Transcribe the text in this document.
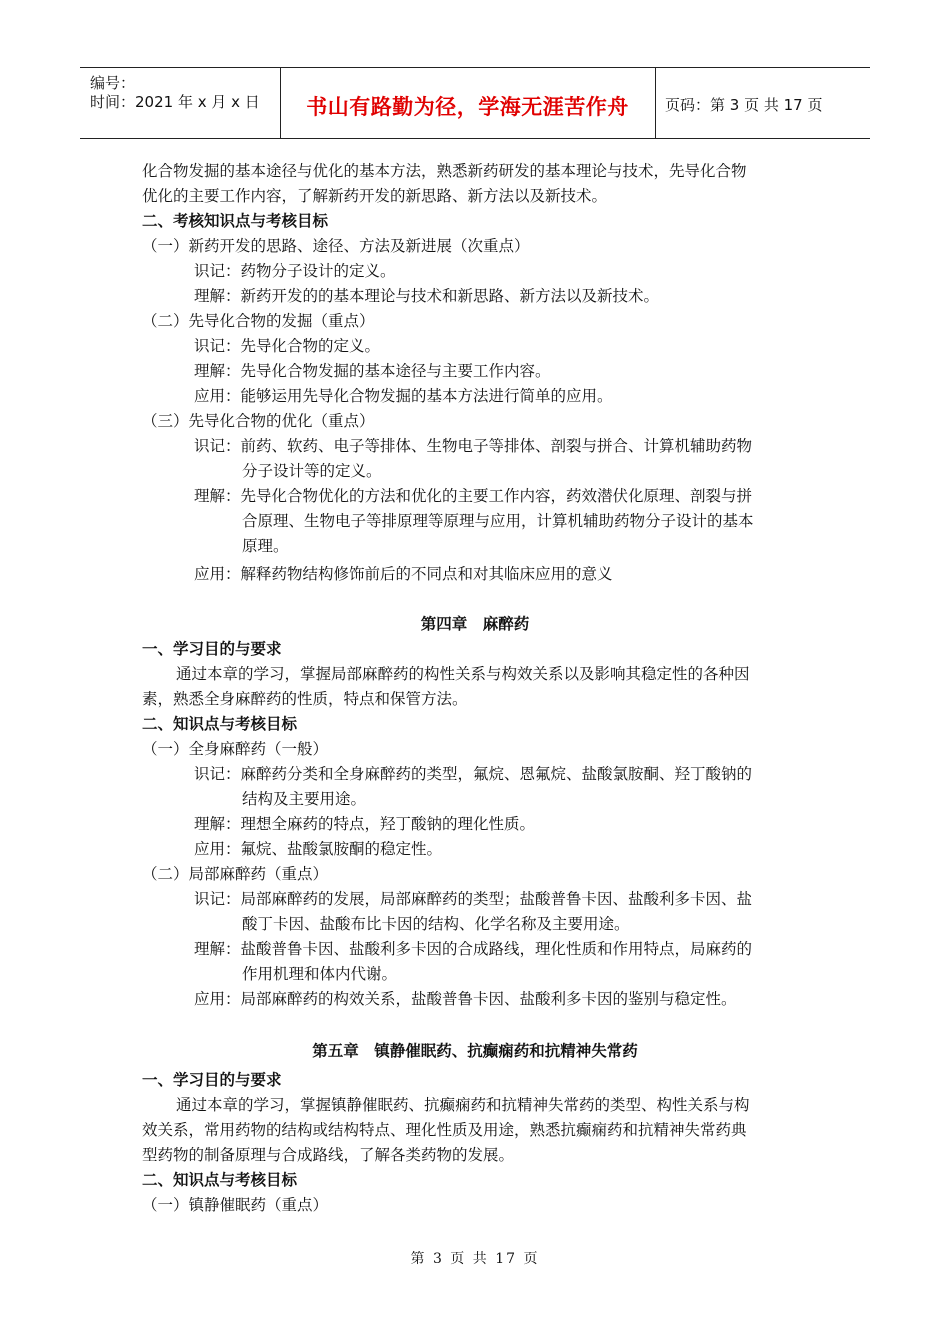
编号：
时间：2021 年 x 月 x 日	书山有路勤为径，学海无涯苦作舟	页码：第 3 页 共 17 页
化合物发掘的基本途径与优化的基本方法，熟悉新药研发的基本理论与技术，先导化合物
优化的主要工作内容，了解新药开发的新思路、新方法以及新技术。
二、考核知识点与考核目标
（一）新药开发的思路、途径、方法及新进展（次重点）
识记：药物分子设计的定义。
理解：新药开发的的基本理论与技术和新思路、新方法以及新技术。
（二）先导化合物的发掘（重点）
识记：先导化合物的定义。
理解：先导化合物发掘的基本途径与主要工作内容。
应用：能够运用先导化合物发掘的基本方法进行简单的应用。
（三）先导化合物的优化（重点）
识记：前药、软药、电子等排体、生物电子等排体、剖裂与拼合、计算机辅助药物
分子设计等的定义。
理解：先导化合物优化的方法和优化的主要工作内容，药效潜伏化原理、剖裂与拼
合原理、生物电子等排原理等原理与应用，计算机辅助药物分子设计的基本
原理。
应用：解释药物结构修饰前后的不同点和对其临床应用的意义
第四章　麻醉药
一、学习目的与要求
通过本章的学习，掌握局部麻醉药的构性关系与构效关系以及影响其稳定性的各种因
素，熟悉全身麻醉药的性质，特点和保管方法。
二、知识点与考核目标
（一）全身麻醉药（一般）
识记：麻醉药分类和全身麻醉药的类型，氟烷、恩氟烷、盐酸氯胺酮、羟丁酸钠的
结构及主要用途。
理解：理想全麻药的特点，羟丁酸钠的理化性质。
应用：氟烷、盐酸氯胺酮的稳定性。
（二）局部麻醉药（重点）
识记：局部麻醉药的发展，局部麻醉药的类型；盐酸普鲁卡因、盐酸利多卡因、盐
酸丁卡因、盐酸布比卡因的结构、化学名称及主要用途。
理解：盐酸普鲁卡因、盐酸利多卡因的合成路线，理化性质和作用特点，局麻药的
作用机理和体内代谢。
应用：局部麻醉药的构效关系，盐酸普鲁卡因、盐酸利多卡因的鉴别与稳定性。
第五章　镇静催眠药、抗癫痫药和抗精神失常药
一、学习目的与要求
通过本章的学习，掌握镇静催眠药、抗癫痫药和抗精神失常药的类型、构性关系与构
效关系，常用药物的结构或结构特点、理化性质及用途，熟悉抗癫痫药和抗精神失常药典
型药物的制备原理与合成路线，了解各类药物的发展。
二、知识点与考核目标
（一）镇静催眠药（重点）
第 3 页 共 17 页
